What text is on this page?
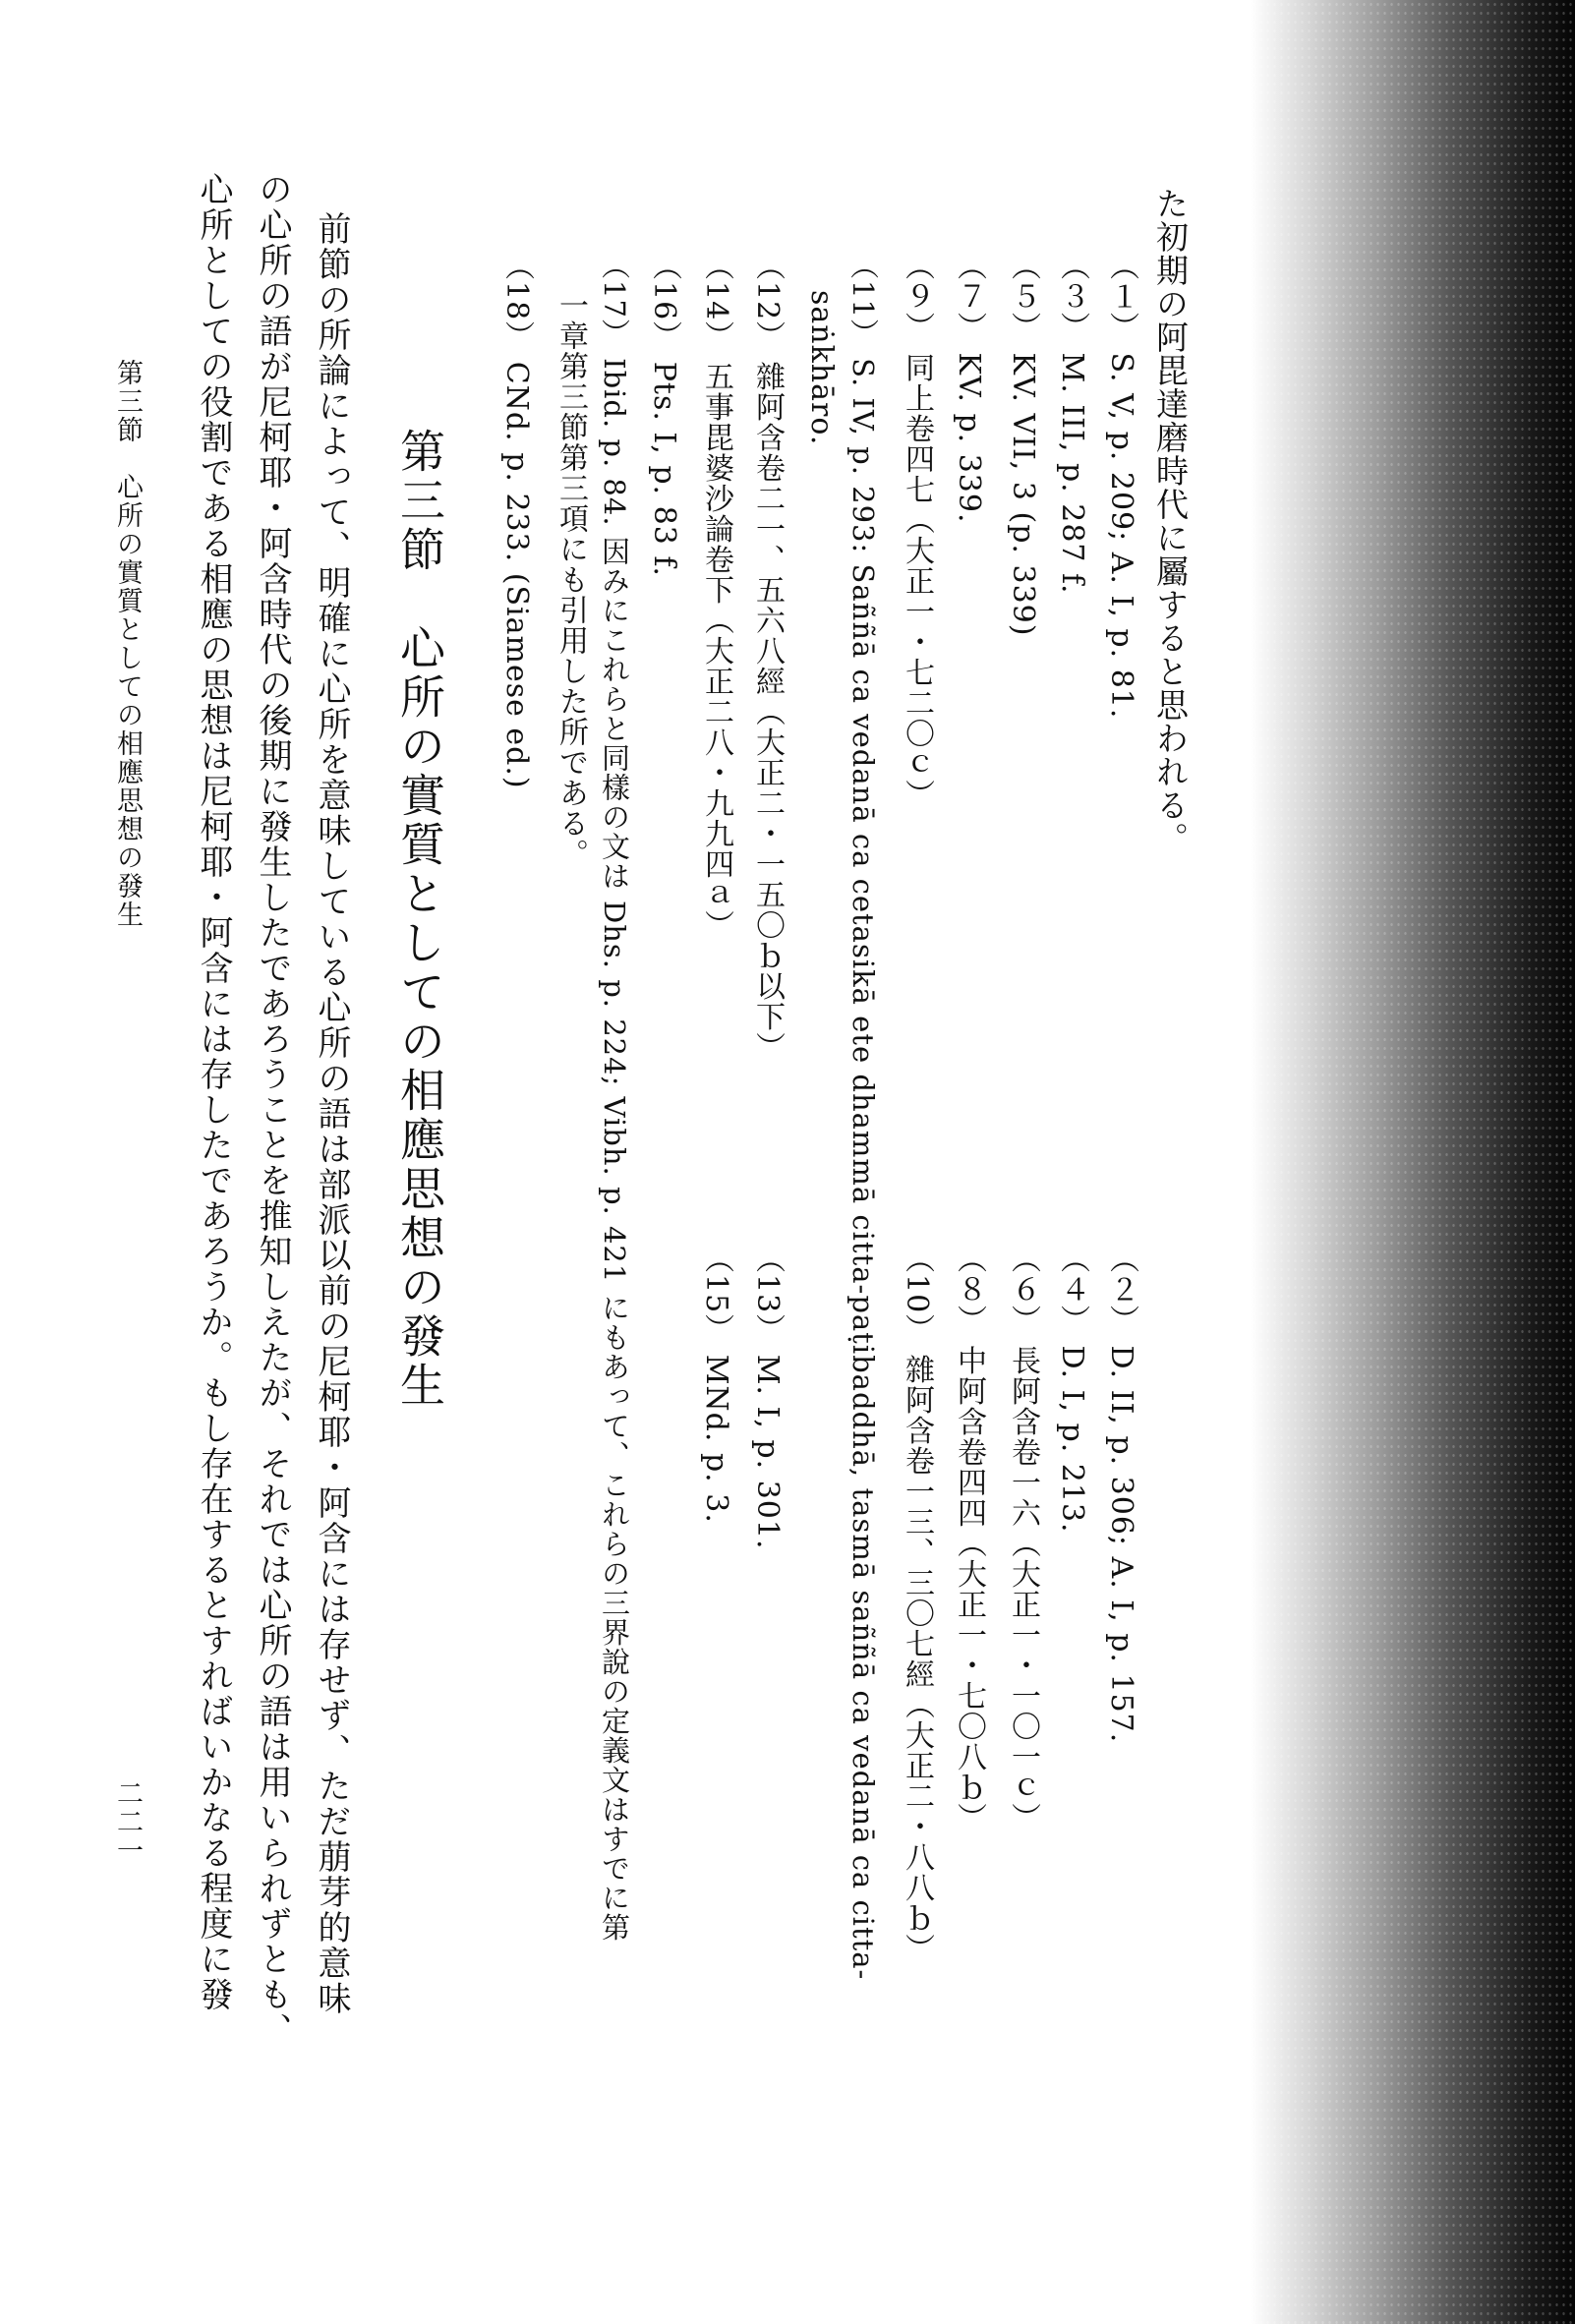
た初期の阿毘達磨時代に屬すると思われる。
（１） S. V, p. 209; A. I, p. 81.
（２） D. II, p. 306; A. I, p. 157.
（３） M. III, p. 287 f.
（４） D. I, p. 213.
（５） KV. VII, 3 (p. 339)
（６） 長阿含卷一六（大正一・一〇一ｃ）
（７） KV. p. 339.
（８） 中阿含卷四四（大正一・七〇八ｂ）
（９） 同上卷四七（大正一・七二〇ｃ）
（10） 雜阿含卷一三、三〇七經（大正二・八八ｂ）
（11） S. IV, p. 293: Saññā ca vedanā ca cetasikā ete dhammā citta-paṭibaddhā, tasmā saññā ca vedanā ca citta-
saṅkhāro.
（12） 雜阿含卷二一、五六八經（大正二・一五〇ｂ以下）
（13） M. I, p. 301.
（14） 五事毘婆沙論卷下（大正二八・九九四ａ）
（15） MNd. p. 3.
（16） Pts. I, p. 83 f.
（17） Ibid. p. 84. 因みにこれらと同樣の文は Dhs. p. 224; Vibh. p. 421 にもあって、これらの三界說の定義文はすでに第
一章第三節第三項にも引用した所である。
（18） CNd. p. 233. (Siamese ed.)
第三節　心所の實質としての相應思想の發生
前節の所論によって、明確に心所を意味している心所の語は部派以前の尼柯耶・阿含には存せず、ただ萠芽的意味
の心所の語が尼柯耶・阿含時代の後期に發生したであろうことを推知しえたが、それでは心所の語は用いられずとも、
心所としての役割である相應の思想は尼柯耶・阿含には存したであろうか。もし存在するとすればいかなる程度に發
第三節　心所の實質としての相應思想の發生
二二一
